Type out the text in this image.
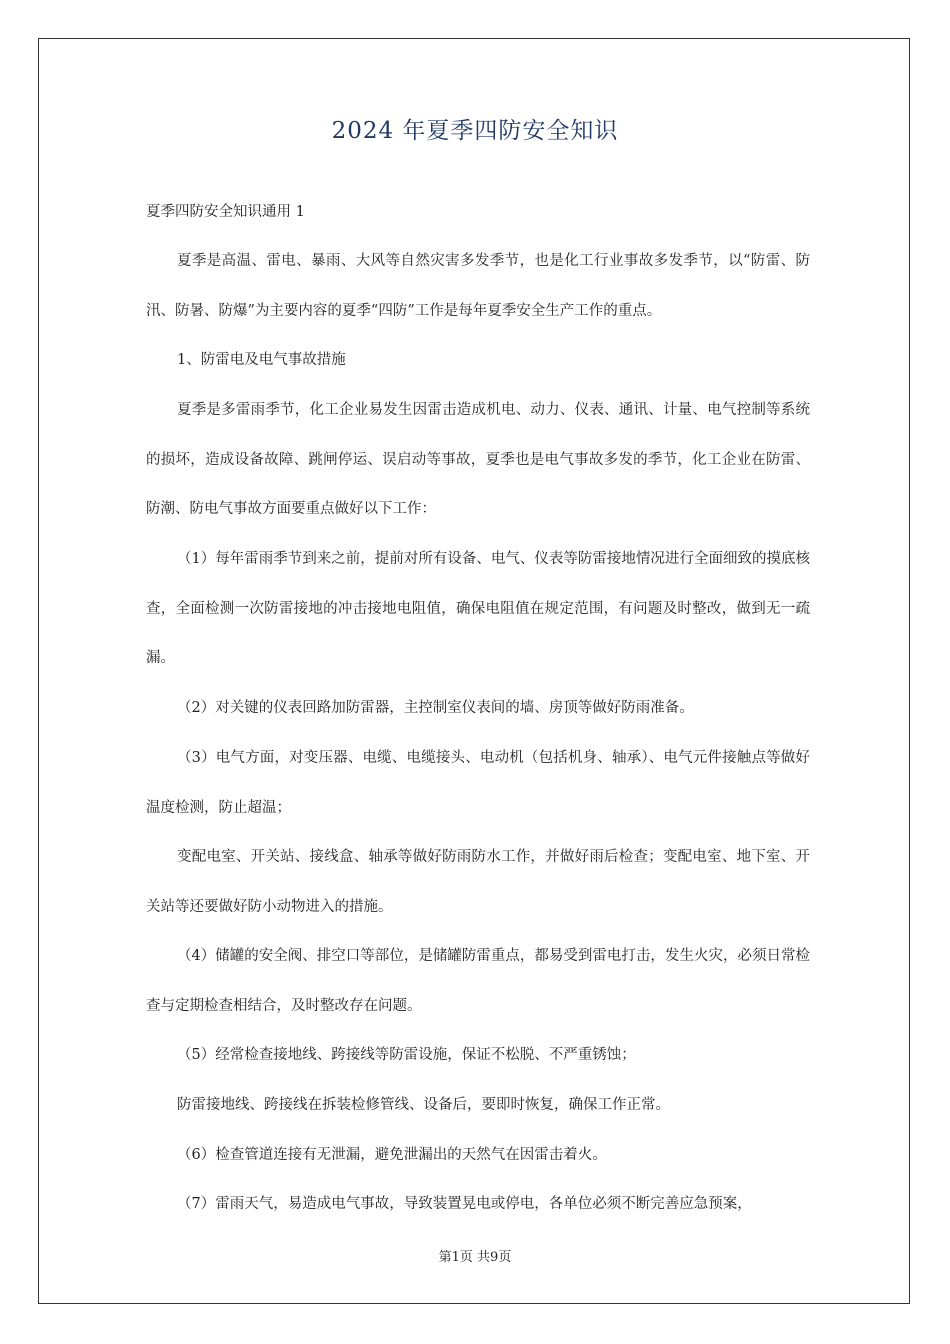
2024 年夏季四防安全知识

夏季四防安全知识通用 1

夏季是高温、雷电、暴雨、大风等自然灾害多发季节，也是化工行业事故多发季节，以“防雷、防汛、防暑、防爆”为主要内容的夏季“四防”工作是每年夏季安全生产工作的重点。

1、防雷电及电气事故措施

夏季是多雷雨季节，化工企业易发生因雷击造成机电、动力、仪表、通讯、计量、电气控制等系统的损坏，造成设备故障、跳闸停运、误启动等事故，夏季也是电气事故多发的季节，化工企业在防雷、防潮、防电气事故方面要重点做好以下工作：

（1）每年雷雨季节到来之前，提前对所有设备、电气、仪表等防雷接地情况进行全面细致的摸底核查，全面检测一次防雷接地的冲击接地电阻值，确保电阻值在规定范围，有问题及时整改，做到无一疏漏。

（2）对关键的仪表回路加防雷器，主控制室仪表间的墙、房顶等做好防雨准备。

（3）电气方面，对变压器、电缆、电缆接头、电动机（包括机身、轴承）、电气元件接触点等做好温度检测，防止超温；

变配电室、开关站、接线盒、轴承等做好防雨防水工作，并做好雨后检查；变配电室、地下室、开关站等还要做好防小动物进入的措施。

（4）储罐的安全阀、排空口等部位，是储罐防雷重点，都易受到雷电打击，发生火灾，必须日常检查与定期检查相结合，及时整改存在问题。

（5）经常检查接地线、跨接线等防雷设施，保证不松脱、不严重锈蚀；

防雷接地线、跨接线在拆装检修管线、设备后，要即时恢复，确保工作正常。

（6）检查管道连接有无泄漏，避免泄漏出的天然气在因雷击着火。

（7）雷雨天气，易造成电气事故，导致装置晃电或停电，各单位必须不断完善应急预案，

第1页 共9页
